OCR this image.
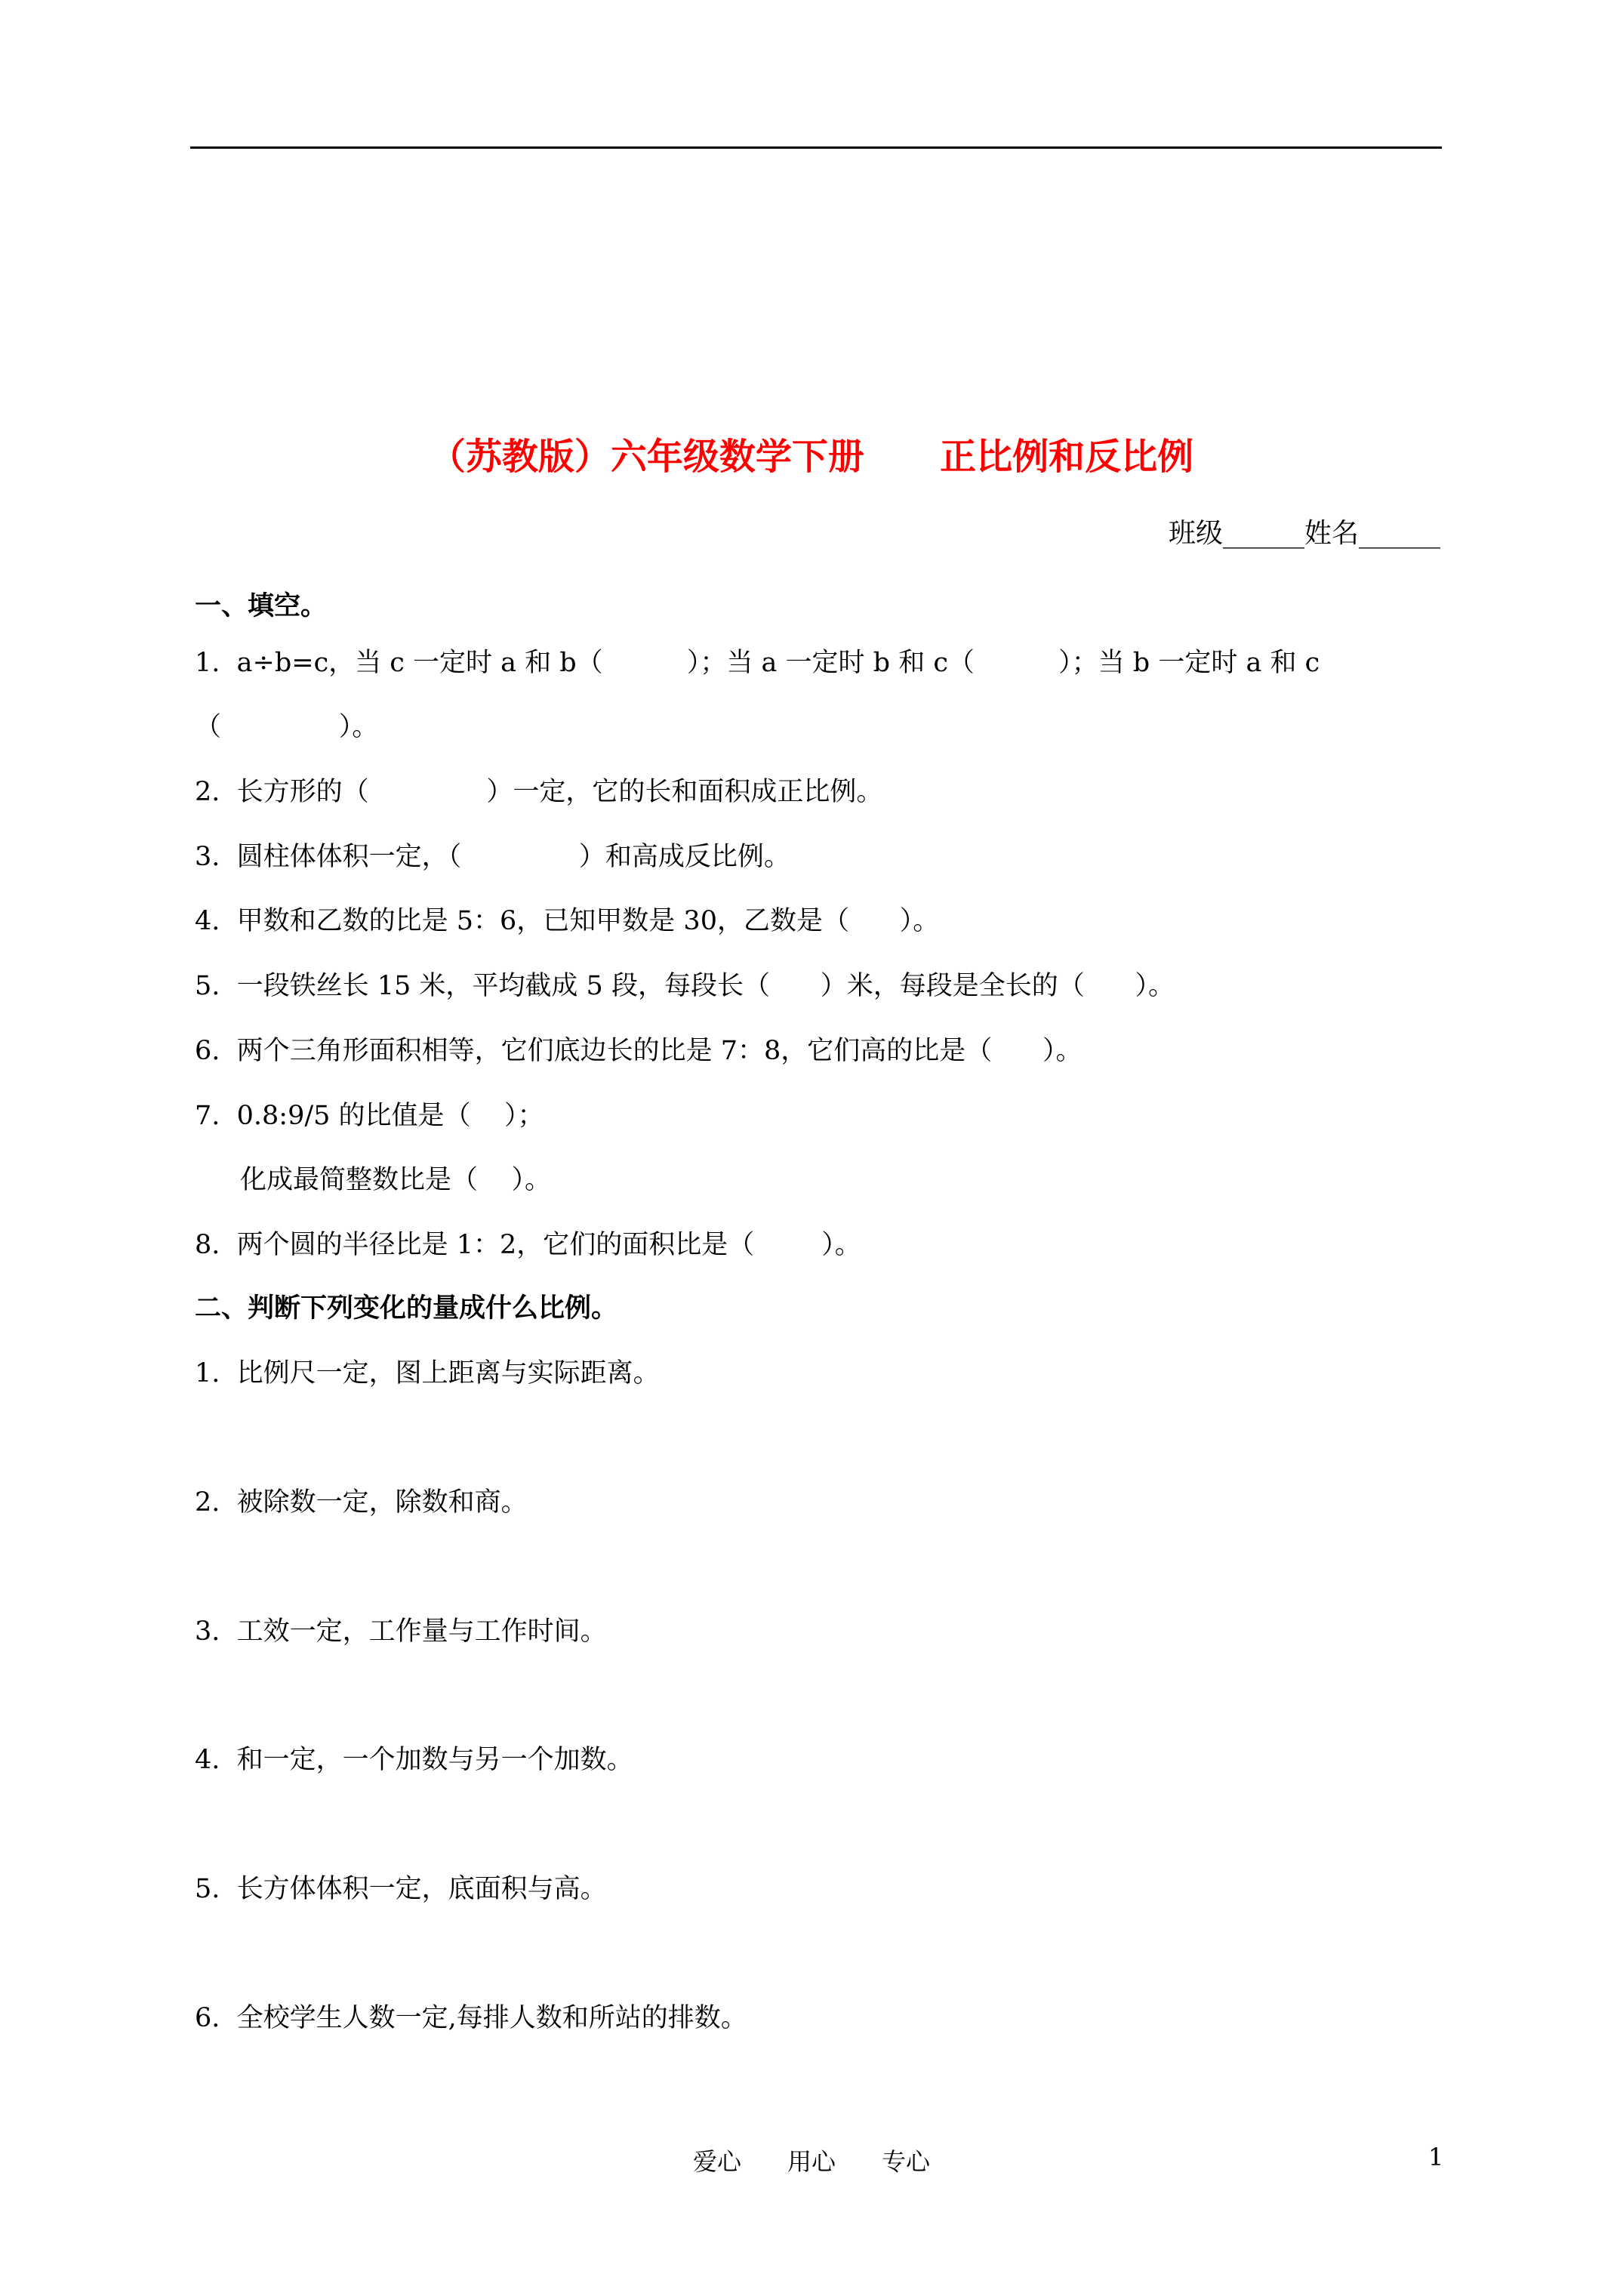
（苏教版）六年级数学下册      正比例和反比例
班级______姓名______
一、填空。
1.  a÷b=c，当 c 一定时 a 和 b（          ）；当 a 一定时 b 和 c（          ）；当 b 一定时 a 和 c
（              ）。
2.  长方形的（              ）一定，它的长和面积成正比例。
3.  圆柱体体积一定，（              ）和高成反比例。
4.  甲数和乙数的比是 5：6，已知甲数是 30，乙数是（      ）。
5.  一段铁丝长 15 米，平均截成 5 段，每段长（      ）米，每段是全长的（      ）。
6.  两个三角形面积相等，它们底边长的比是 7：8，它们高的比是（      ）。
7.  0.8:9/5 的比值是（    ）；
化成最简整数比是（    ）。
8.  两个圆的半径比是 1：2，它们的面积比是（        ）。
二、判断下列变化的量成什么比例。
1.  比例尺一定，图上距离与实际距离。
2.  被除数一定，除数和商。
3.  工效一定，工作量与工作时间。
4.  和一定，一个加数与另一个加数。
5.  长方体体积一定，底面积与高。
6.  全校学生人数一定,每排人数和所站的排数。
爱心      用心      专心	1
